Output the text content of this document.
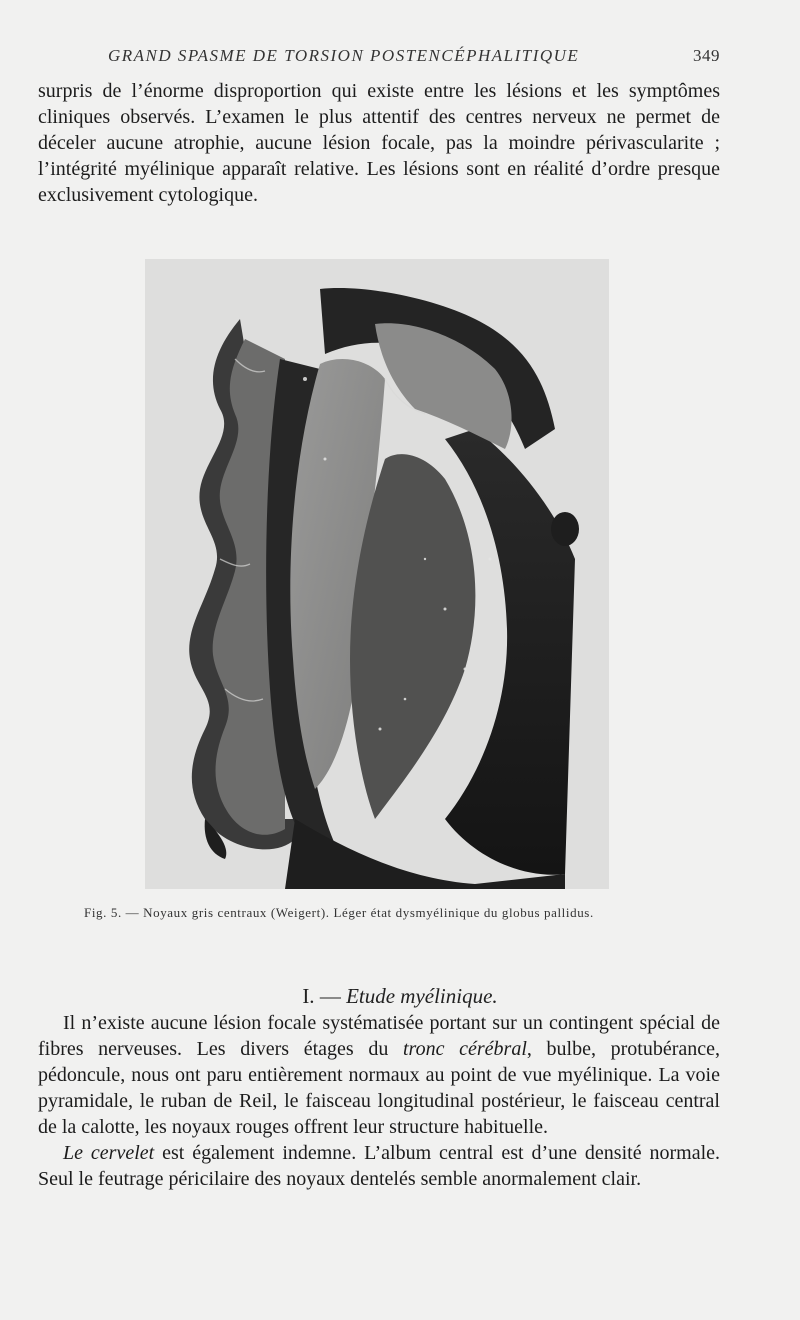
GRAND SPASME DE TORSION POSTENCÉPHALITIQUE	349

surpris de l’énorme disproportion qui existe entre les lésions et les symptômes cliniques observés. L’examen le plus attentif des centres nerveux ne permet de déceler aucune atrophie, aucune lésion focale, pas la moindre périvascularite ; l’intégrité myélinique apparaît relative. Les lésions sont en réalité d’ordre presque exclusivement cytologique.

Fig. 5. — Noyaux gris centraux (Weigert). Léger état dysmyélinique du globus pallidus.
I. — Etude myélinique.

Il n’existe aucune lésion focale systématisée portant sur un contingent spécial de fibres nerveuses. Les divers étages du tronc cérébral, bulbe, protubérance, pédoncule, nous ont paru entièrement normaux au point de vue myélinique. La voie pyramidale, le ruban de Reil, le faisceau longitudinal postérieur, le faisceau central de la calotte, les noyaux rouges offrent leur structure habituelle.

Le cervelet est également indemne. L’album central est d’une densité normale. Seul le feutrage péricilaire des noyaux dentelés semble anormalement clair.
